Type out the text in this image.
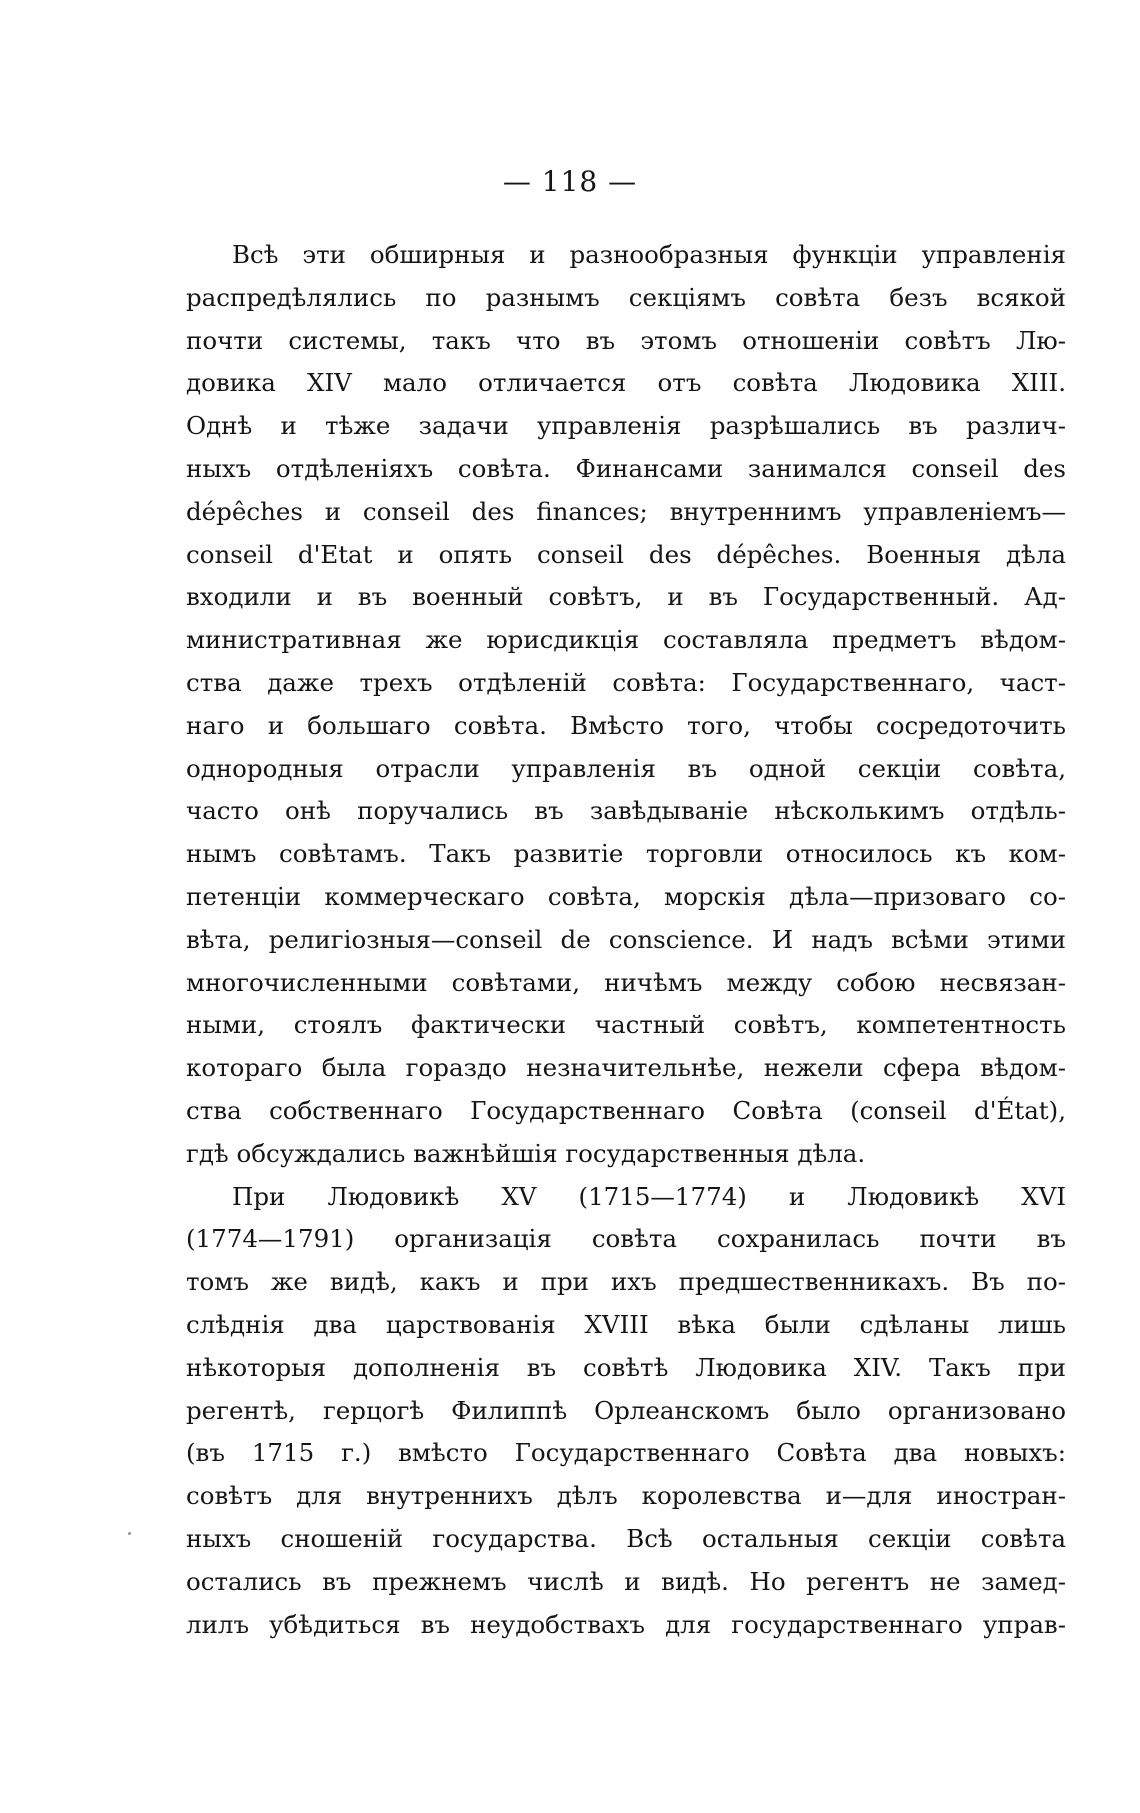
— 118 —
Всѣ эти обширныя и разнообразныя функціи управленія
распредѣлялись по разнымъ секціямъ совѣта безъ всякой
почти системы, такъ что въ этомъ отношеніи совѣтъ Лю-
довика XIV мало отличается отъ совѣта Людовика XIII.
Однѣ и тѣже задачи управленія разрѣшались въ различ-
ныхъ отдѣленіяхъ совѣта. Финансами занимался conseil des
dépêches и conseil des finances; внутреннимъ управленіемъ—
conseil d'Etat и опять conseil des dépêches. Военныя дѣла
входили и въ военный совѣтъ, и въ Государственный. Ад-
министративная же юрисдикція составляла предметъ вѣдом-
ства даже трехъ отдѣленій совѣта: Государственнаго, част-
наго и большаго совѣта. Вмѣсто того, чтобы сосредоточить
однородныя отрасли управленія въ одной секціи совѣта,
часто онѣ поручались въ завѣдываніе нѣсколькимъ отдѣль-
нымъ совѣтамъ. Такъ развитіе торговли относилось къ ком-
петенціи коммерческаго совѣта, морскія дѣла—призоваго со-
вѣта, религіозныя—conseil de conscience. И надъ всѣми этими
многочисленными совѣтами, ничѣмъ между собою несвязан-
ными, стоялъ фактически частный совѣтъ, компетентность
котораго была гораздо незначительнѣе, нежели сфера вѣдом-
ства собственнаго Государственнаго Совѣта (conseil d'État),
гдѣ обсуждались важнѣйшія государственныя дѣла.
При Людовикѣ XV (1715—1774) и Людовикѣ XVI
(1774—1791) организація совѣта сохранилась почти въ
томъ же видѣ, какъ и при ихъ предшественникахъ. Въ по-
слѣднія два царствованія XVIII вѣка были сдѣланы лишь
нѣкоторыя дополненія въ совѣтѣ Людовика XIV. Такъ при
регентѣ, герцогѣ Филиппѣ Орлеанскомъ было организовано
(въ 1715 г.) вмѣсто Государственнаго Совѣта два новыхъ:
совѣтъ для внутреннихъ дѣлъ королевства и—для иностран-
ныхъ сношеній государства. Всѣ остальныя секціи совѣта
остались въ прежнемъ числѣ и видѣ. Но регентъ не замед-
лилъ убѣдиться въ неудобствахъ для государственнаго управ-
